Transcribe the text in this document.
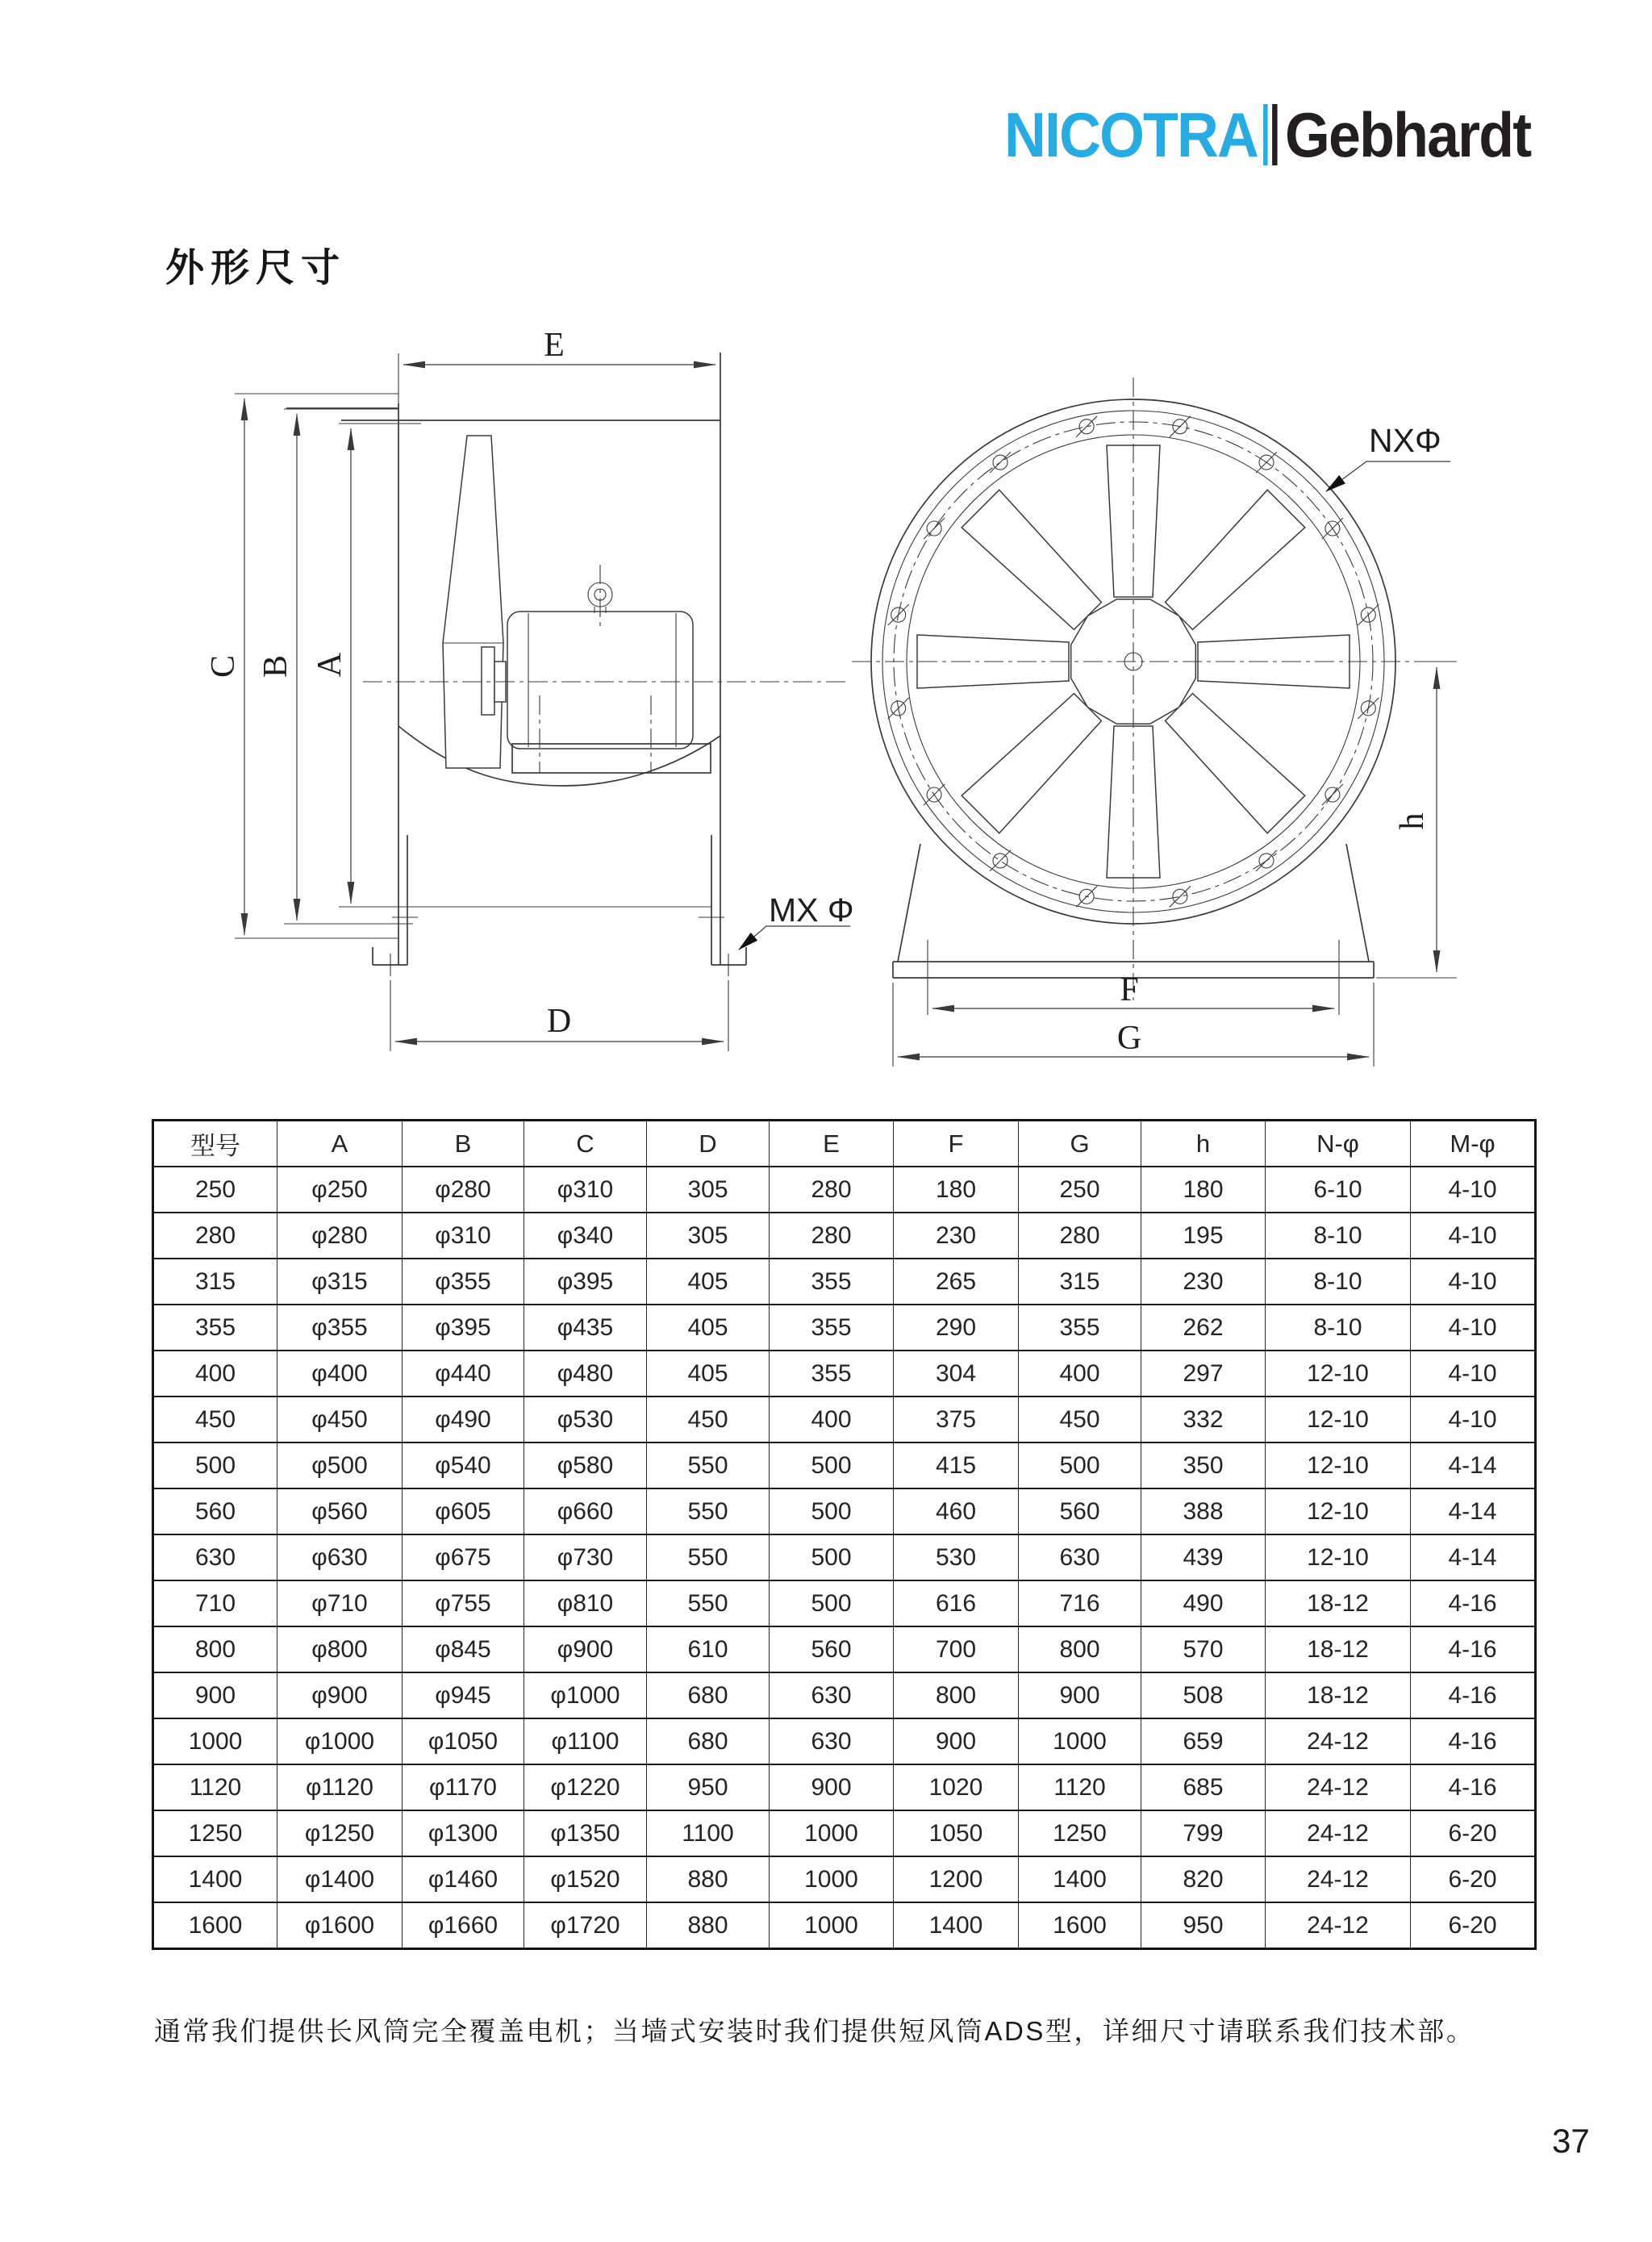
NICOTRA Gebhardt
外形尺寸
E
C B A
D
MX Φ
F
G
h
NXΦ
型号	A	B	C	D	E	F	G	h	N-φ	M-φ
250	φ250	φ280	φ310	305	280	180	250	180	6-10	4-10
280	φ280	φ310	φ340	305	280	230	280	195	8-10	4-10
315	φ315	φ355	φ395	405	355	265	315	230	8-10	4-10
355	φ355	φ395	φ435	405	355	290	355	262	8-10	4-10
400	φ400	φ440	φ480	405	355	304	400	297	12-10	4-10
450	φ450	φ490	φ530	450	400	375	450	332	12-10	4-10
500	φ500	φ540	φ580	550	500	415	500	350	12-10	4-14
560	φ560	φ605	φ660	550	500	460	560	388	12-10	4-14
630	φ630	φ675	φ730	550	500	530	630	439	12-10	4-14
710	φ710	φ755	φ810	550	500	616	716	490	18-12	4-16
800	φ800	φ845	φ900	610	560	700	800	570	18-12	4-16
900	φ900	φ945	φ1000	680	630	800	900	508	18-12	4-16
1000	φ1000	φ1050	φ1100	680	630	900	1000	659	24-12	4-16
1120	φ1120	φ1170	φ1220	950	900	1020	1120	685	24-12	4-16
1250	φ1250	φ1300	φ1350	1100	1000	1050	1250	799	24-12	6-20
1400	φ1400	φ1460	φ1520	880	1000	1200	1400	820	24-12	6-20
1600	φ1600	φ1660	φ1720	880	1000	1400	1600	950	24-12	6-20
通常我们提供长风筒完全覆盖电机；当墙式安装时我们提供短风筒ADS型，详细尺寸请联系我们技术部。
37
